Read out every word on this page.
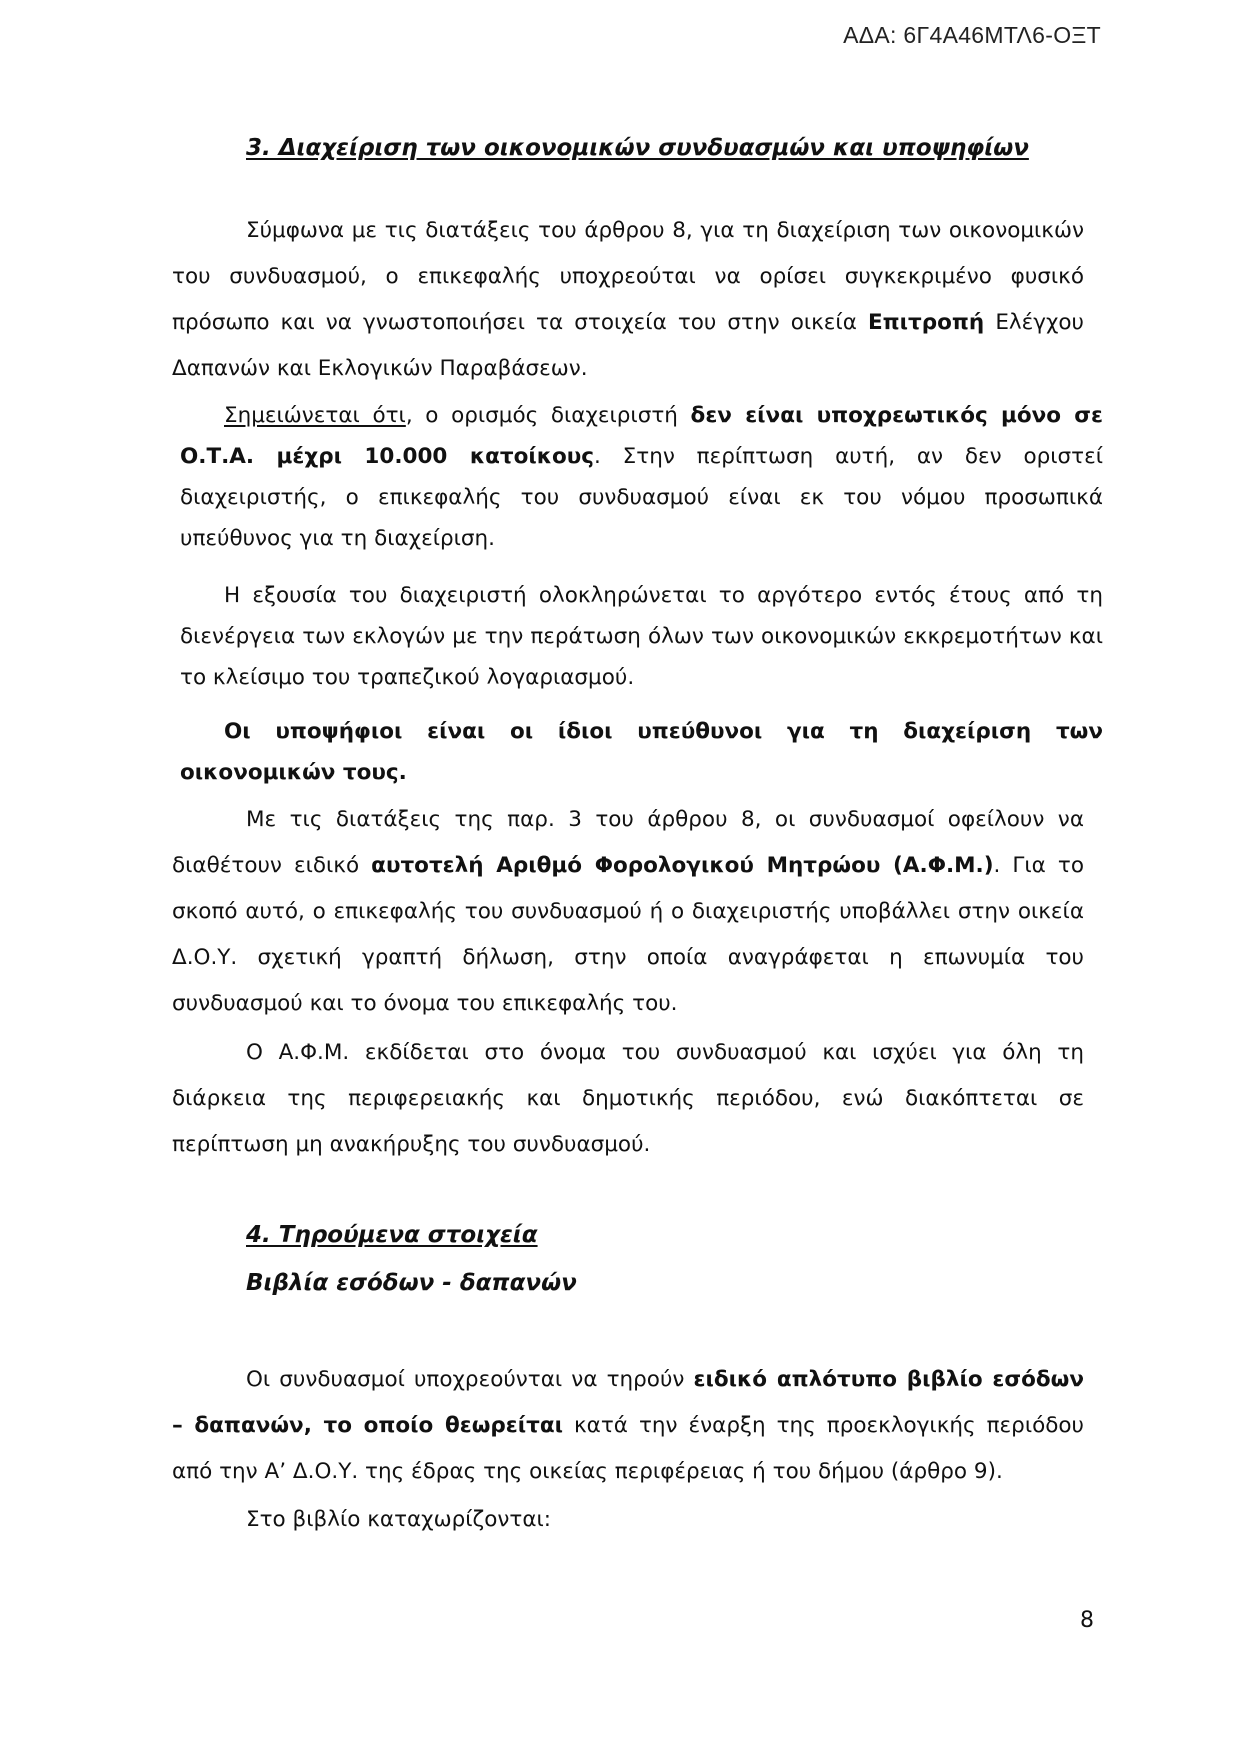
ΑΔΑ: 6Γ4Α46ΜΤΛ6-ΟΞΤ
3. Διαχείριση των οικονομικών συνδυασμών και υποψηφίων
Σύμφωνα με τις διατάξεις του άρθρου 8, για τη διαχείριση των οικονομικών του συνδυασμού, ο επικεφαλής υποχρεούται να ορίσει συγκεκριμένο φυσικό πρόσωπο και να γνωστοποιήσει τα στοιχεία του στην οικεία Επιτροπή Ελέγχου Δαπανών και Εκλογικών Παραβάσεων.
Σημειώνεται ότι, ο ορισμός διαχειριστή δεν είναι υποχρεωτικός μόνο σε Ο.Τ.Α. μέχρι 10.000 κατοίκους. Στην περίπτωση αυτή, αν δεν οριστεί διαχειριστής, ο επικεφαλής του συνδυασμού είναι εκ του νόμου προσωπικά υπεύθυνος για τη διαχείριση.
Η εξουσία του διαχειριστή ολοκληρώνεται το αργότερο εντός έτους από τη διενέργεια των εκλογών με την περάτωση όλων των οικονομικών εκκρεμοτήτων και το κλείσιμο του τραπεζικού λογαριασμού.
Οι υποψήφιοι είναι οι ίδιοι υπεύθυνοι για τη διαχείριση των οικονομικών τους.
Με τις διατάξεις της παρ. 3 του άρθρου 8, οι συνδυασμοί οφείλουν να διαθέτουν ειδικό αυτοτελή Αριθμό Φορολογικού Μητρώου (Α.Φ.Μ.). Για το σκοπό αυτό, ο επικεφαλής του συνδυασμού ή ο διαχειριστής υποβάλλει στην οικεία Δ.Ο.Υ. σχετική γραπτή δήλωση, στην οποία αναγράφεται η επωνυμία του συνδυασμού και το όνομα του επικεφαλής του.
Ο Α.Φ.Μ. εκδίδεται στο όνομα του συνδυασμού και ισχύει για όλη τη διάρκεια της περιφερειακής και δημοτικής περιόδου, ενώ διακόπτεται σε περίπτωση μη ανακήρυξης του συνδυασμού.
4. Τηρούμενα στοιχεία
Βιβλία εσόδων - δαπανών
Οι συνδυασμοί υποχρεούνται να τηρούν ειδικό απλότυπο βιβλίο εσόδων – δαπανών, το οποίο θεωρείται κατά την έναρξη της προεκλογικής περιόδου από την Α’ Δ.Ο.Υ. της έδρας της οικείας περιφέρειας ή του δήμου (άρθρο 9).
Στο βιβλίο καταχωρίζονται:
8
